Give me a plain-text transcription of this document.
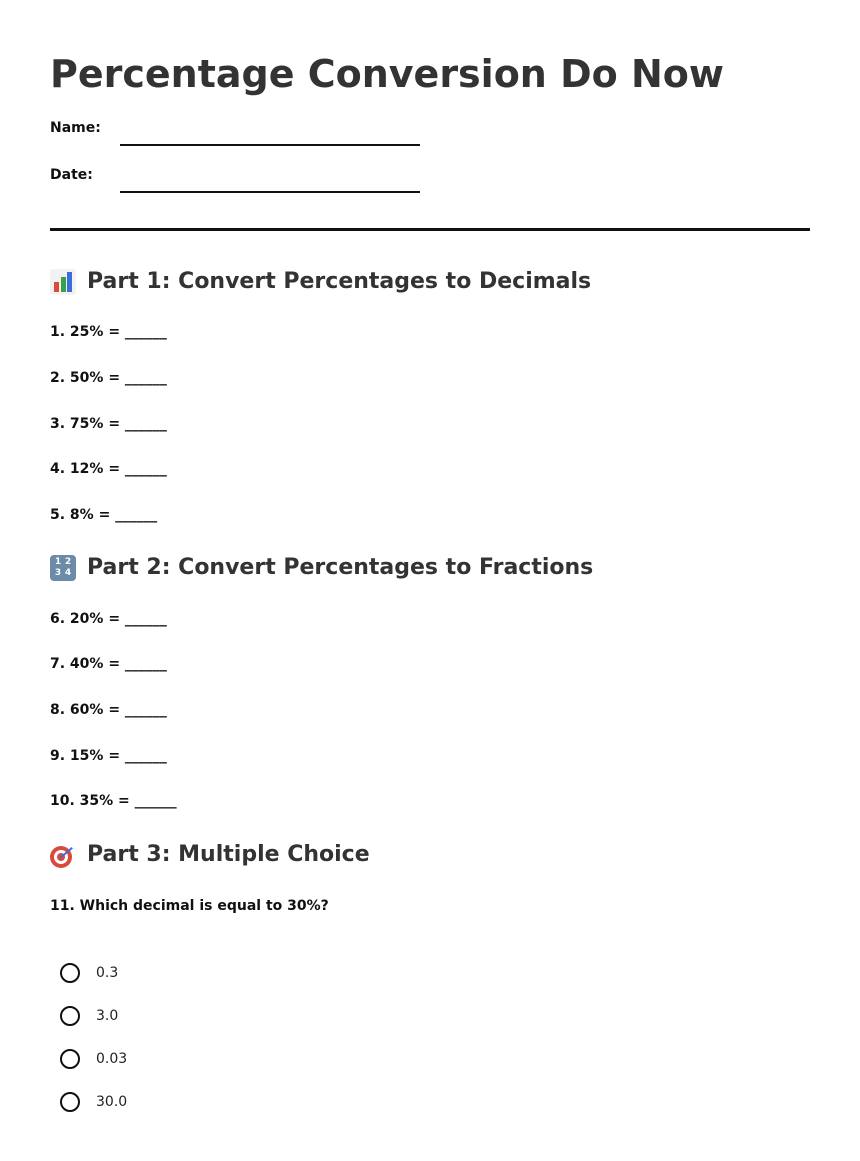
Percentage Conversion Do Now
Name:
Date:
Part 1: Convert Percentages to Decimals
1. 25% = ______
2. 50% = ______
3. 75% = ______
4. 12% = ______
5. 8% = ______
1 2
3 4 Part 2: Convert Percentages to Fractions
6. 20% = ______
7. 40% = ______
8. 60% = ______
9. 15% = ______
10. 35% = ______
Part 3: Multiple Choice
11. Which decimal is equal to 30%?
0.3
3.0
0.03
30.0
